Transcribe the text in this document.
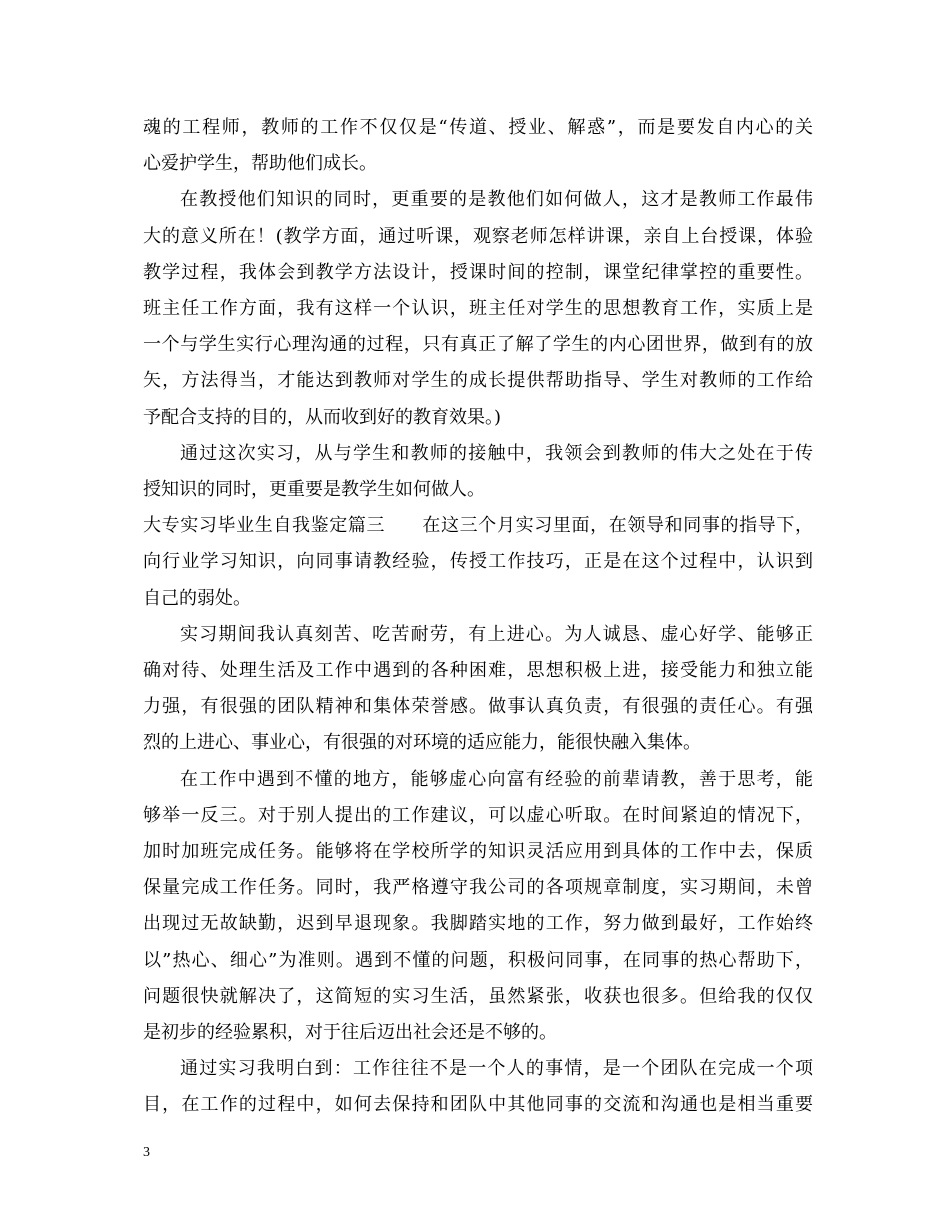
魂的工程师，教师的工作不仅仅是“传道、授业、解惑”，而是要发自内心的关
心爱护学生，帮助他们成长。
在教授他们知识的同时，更重要的是教他们如何做人，这才是教师工作最伟
大的意义所在！(教学方面，通过听课，观察老师怎样讲课，亲自上台授课，体验
教学过程，我体会到教学方法设计，授课时间的控制，课堂纪律掌控的重要性。
班主任工作方面，我有这样一个认识，班主任对学生的思想教育工作，实质上是
一个与学生实行心理沟通的过程，只有真正了解了学生的内心团世界，做到有的放
矢，方法得当，才能达到教师对学生的成长提供帮助指导、学生对教师的工作给
予配合支持的目的，从而收到好的教育效果。)
通过这次实习，从与学生和教师的接触中，我领会到教师的伟大之处在于传
授知识的同时，更重要是教学生如何做人。
大专实习毕业生自我鉴定篇三　　在这三个月实习里面，在领导和同事的指导下，
向行业学习知识，向同事请教经验，传授工作技巧，正是在这个过程中，认识到
自己的弱处。
实习期间我认真刻苦、吃苦耐劳，有上进心。为人诚恳、虚心好学、能够正
确对待、处理生活及工作中遇到的各种困难，思想积极上进，接受能力和独立能
力强，有很强的团队精神和集体荣誉感。做事认真负责，有很强的责任心。有强
烈的上进心、事业心，有很强的对环境的适应能力，能很快融入集体。
在工作中遇到不懂的地方，能够虚心向富有经验的前辈请教，善于思考，能
够举一反三。对于别人提出的工作建议，可以虚心听取。在时间紧迫的情况下，
加时加班完成任务。能够将在学校所学的知识灵活应用到具体的工作中去，保质
保量完成工作任务。同时，我严格遵守我公司的各项规章制度，实习期间，未曾
出现过无故缺勤，迟到早退现象。我脚踏实地的工作，努力做到最好，工作始终
以”热心、细心”为准则。遇到不懂的问题，积极问同事，在同事的热心帮助下，
问题很快就解决了，这简短的实习生活，虽然紧张，收获也很多。但给我的仅仅
是初步的经验累积，对于往后迈出社会还是不够的。
通过实习我明白到：工作往往不是一个人的事情，是一个团队在完成一个项
目，在工作的过程中，如何去保持和团队中其他同事的交流和沟通也是相当重要
3
